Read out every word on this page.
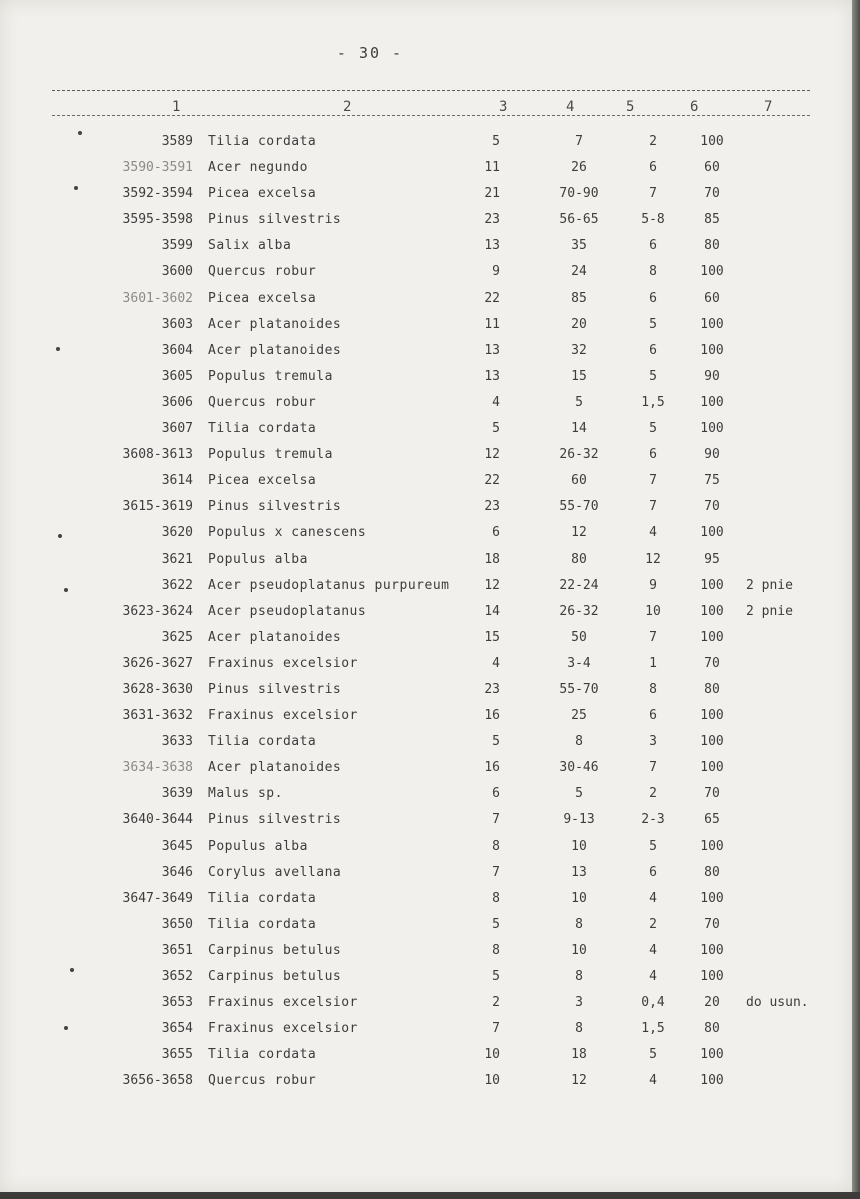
- 30 -
1	2	3	4	5	6	7
3589 Tilia cordata	5	7	2	100
3590-3591 Acer negundo	11	26	6	60
3592-3594 Picea excelsa	21	70-90	7	70
3595-3598 Pinus silvestris	23	56-65	5-8	85
3599 Salix alba	13	35	6	80
3600 Quercus robur	9	24	8	100
3601-3602 Picea excelsa	22	85	6	60
3603 Acer platanoides	11	20	5	100
3604 Acer platanoides	13	32	6	100
3605 Populus tremula	13	15	5	90
3606 Quercus robur	4	5	1,5	100
3607 Tilia cordata	5	14	5	100
3608-3613 Populus tremula	12	26-32	6	90
3614 Picea excelsa	22	60	7	75
3615-3619 Pinus silvestris	23	55-70	7	70
3620 Populus x canescens	6	12	4	100
3621 Populus alba	18	80	12	95
3622 Acer pseudoplatanus purpureum	12	22-24	9	100	2 pnie
3623-3624 Acer pseudoplatanus	14	26-32	10	100	2 pnie
3625 Acer platanoides	15	50	7	100
3626-3627 Fraxinus excelsior	4	3-4	1	70
3628-3630 Pinus silvestris	23	55-70	8	80
3631-3632 Fraxinus excelsior	16	25	6	100
3633 Tilia cordata	5	8	3	100
3634-3638 Acer platanoides	16	30-46	7	100
3639 Malus sp.	6	5	2	70
3640-3644 Pinus silvestris	7	9-13	2-3	65
3645 Populus alba	8	10	5	100
3646 Corylus avellana	7	13	6	80
3647-3649 Tilia cordata	8	10	4	100
3650 Tilia cordata	5	8	2	70
3651 Carpinus betulus	8	10	4	100
3652 Carpinus betulus	5	8	4	100
3653 Fraxinus excelsior	2	3	0,4	20	do usun.
3654 Fraxinus excelsior	7	8	1,5	80
3655 Tilia cordata	10	18	5	100
3656-3658 Quercus robur	10	12	4	100
